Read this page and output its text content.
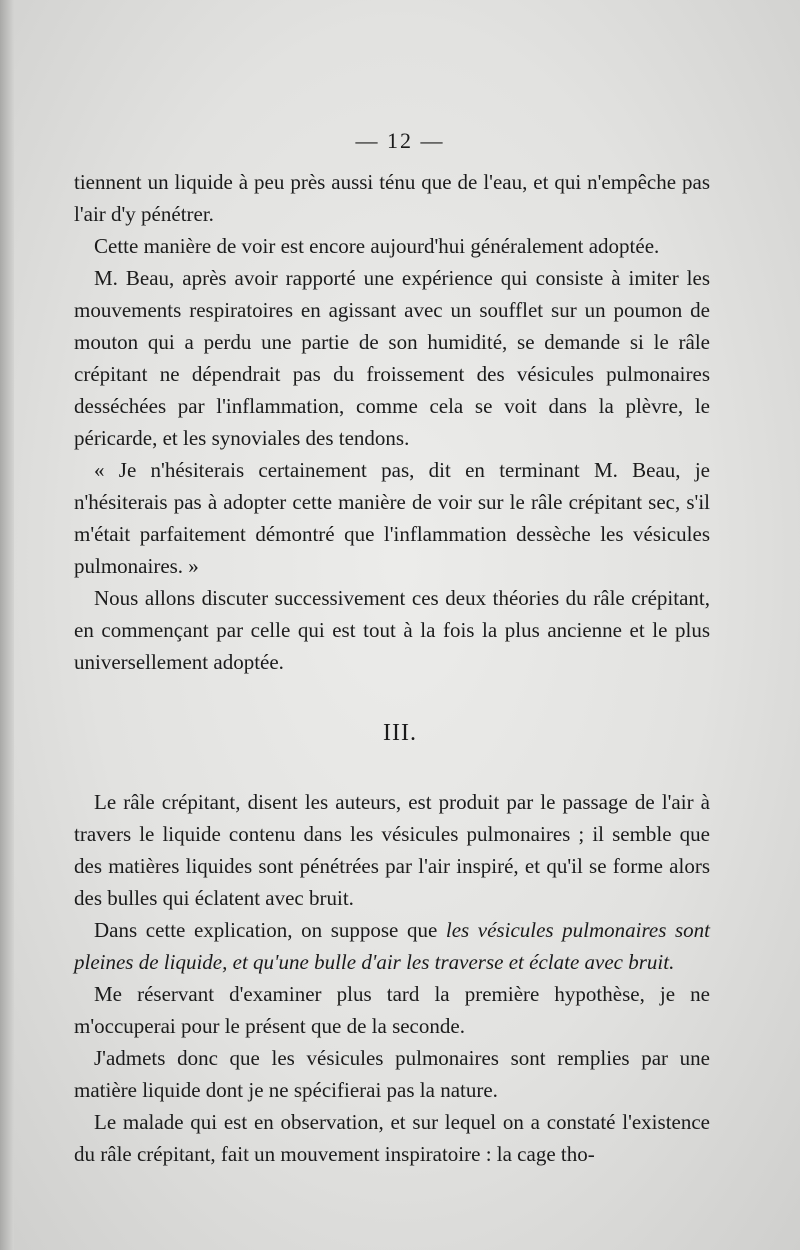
— 12 —

tiennent un liquide à peu près aussi ténu que de l'eau, et qui n'empêche pas l'air d'y pénétrer.

Cette manière de voir est encore aujourd'hui généralement adoptée.

M. Beau, après avoir rapporté une expérience qui consiste à imiter les mouvements respiratoires en agissant avec un soufflet sur un poumon de mouton qui a perdu une partie de son humidité, se demande si le râle crépitant ne dépendrait pas du froissement des vésicules pulmonaires desséchées par l'inflammation, comme cela se voit dans la plèvre, le péricarde, et les synoviales des tendons.

« Je n'hésiterais certainement pas, dit en terminant M. Beau, je n'hésiterais pas à adopter cette manière de voir sur le râle crépitant sec, s'il m'était parfaitement démontré que l'inflammation dessèche les vésicules pulmonaires. »

Nous allons discuter successivement ces deux théories du râle crépitant, en commençant par celle qui est tout à la fois la plus ancienne et le plus universellement adoptée.

III.

Le râle crépitant, disent les auteurs, est produit par le passage de l'air à travers le liquide contenu dans les vésicules pulmonaires ; il semble que des matières liquides sont pénétrées par l'air inspiré, et qu'il se forme alors des bulles qui éclatent avec bruit.

Dans cette explication, on suppose que les vésicules pulmonaires sont pleines de liquide, et qu'une bulle d'air les traverse et éclate avec bruit.

Me réservant d'examiner plus tard la première hypothèse, je ne m'occuperai pour le présent que de la seconde.

J'admets donc que les vésicules pulmonaires sont remplies par une matière liquide dont je ne spécifierai pas la nature.

Le malade qui est en observation, et sur lequel on a constaté l'existence du râle crépitant, fait un mouvement inspiratoire : la cage tho-
